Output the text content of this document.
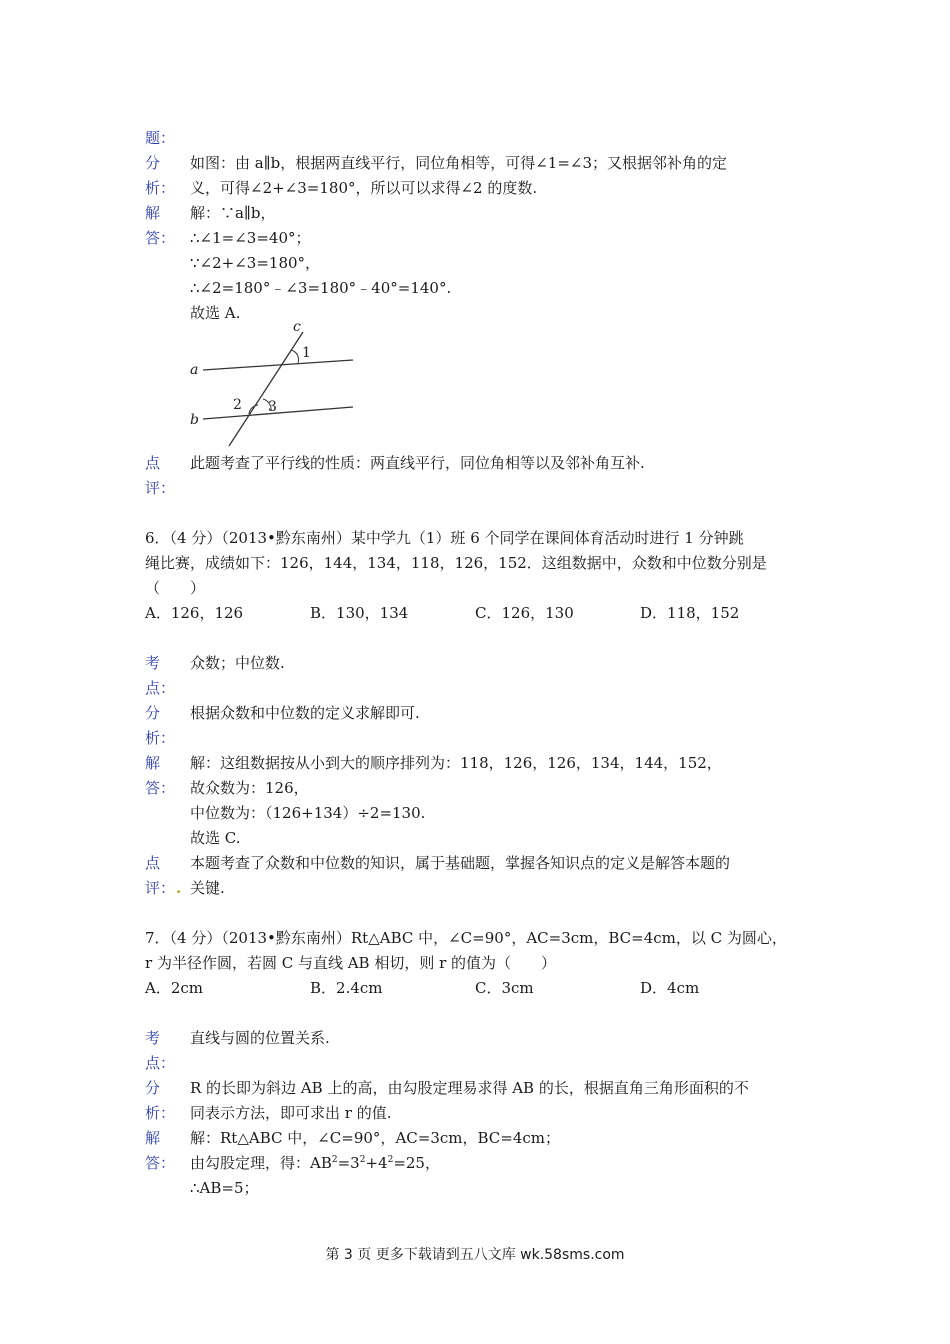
题：
分
析：
如图：由 a∥b，根据两直线平行，同位角相等，可得∠1=∠3；又根据邻补角的定
义，可得∠2+∠3=180°，所以可以求得∠2 的度数.
解
答：
解：∵a∥b，
∴∠1=∠3=40°；
∵∠2+∠3=180°，
∴∠2=180°﹣∠3=180°﹣40°=140°.
故选 A.
c
a
b
1
2 3
点
评：
此题考查了平行线的性质：两直线平行，同位角相等以及邻补角互补.
6．（4 分）（2013•黔东南州）某中学九（1）班 6 个同学在课间体育活动时进行 1 分钟跳
绳比赛，成绩如下：126，144，134，118，126，152．这组数据中，众数和中位数分别是
（　　）
A．126，126	B．130，134	C．126，130	D．118，152
考
点：
众数；中位数.
分
析：
根据众数和中位数的定义求解即可.
解
答：
解：这组数据按从小到大的顺序排列为：118，126，126，134，144，152，
故众数为：126，
中位数为：（126+134）÷2=130.
故选 C.
点
评： .
本题考查了众数和中位数的知识，属于基础题，掌握各知识点的定义是解答本题的
关键.
7．（4 分）（2013•黔东南州）Rt△ABC 中，∠C=90°，AC=3cm，BC=4cm，以 C 为圆心，
r 为半径作圆，若圆 C 与直线 AB 相切，则 r 的值为（　　）
A．2cm	B．2.4cm	C．3cm	D．4cm
考
点：
直线与圆的位置关系.
分
析：
R 的长即为斜边 AB 上的高，由勾股定理易求得 AB 的长，根据直角三角形面积的不
同表示方法，即可求出 r 的值.
解
答：
解：Rt△ABC 中，∠C=90°，AC=3cm，BC=4cm；
由勾股定理，得：$AB^2=3^2+4^2=25$，
∴AB=5；
第 3 页 更多下载请到五八文库 wk.58sms.com
